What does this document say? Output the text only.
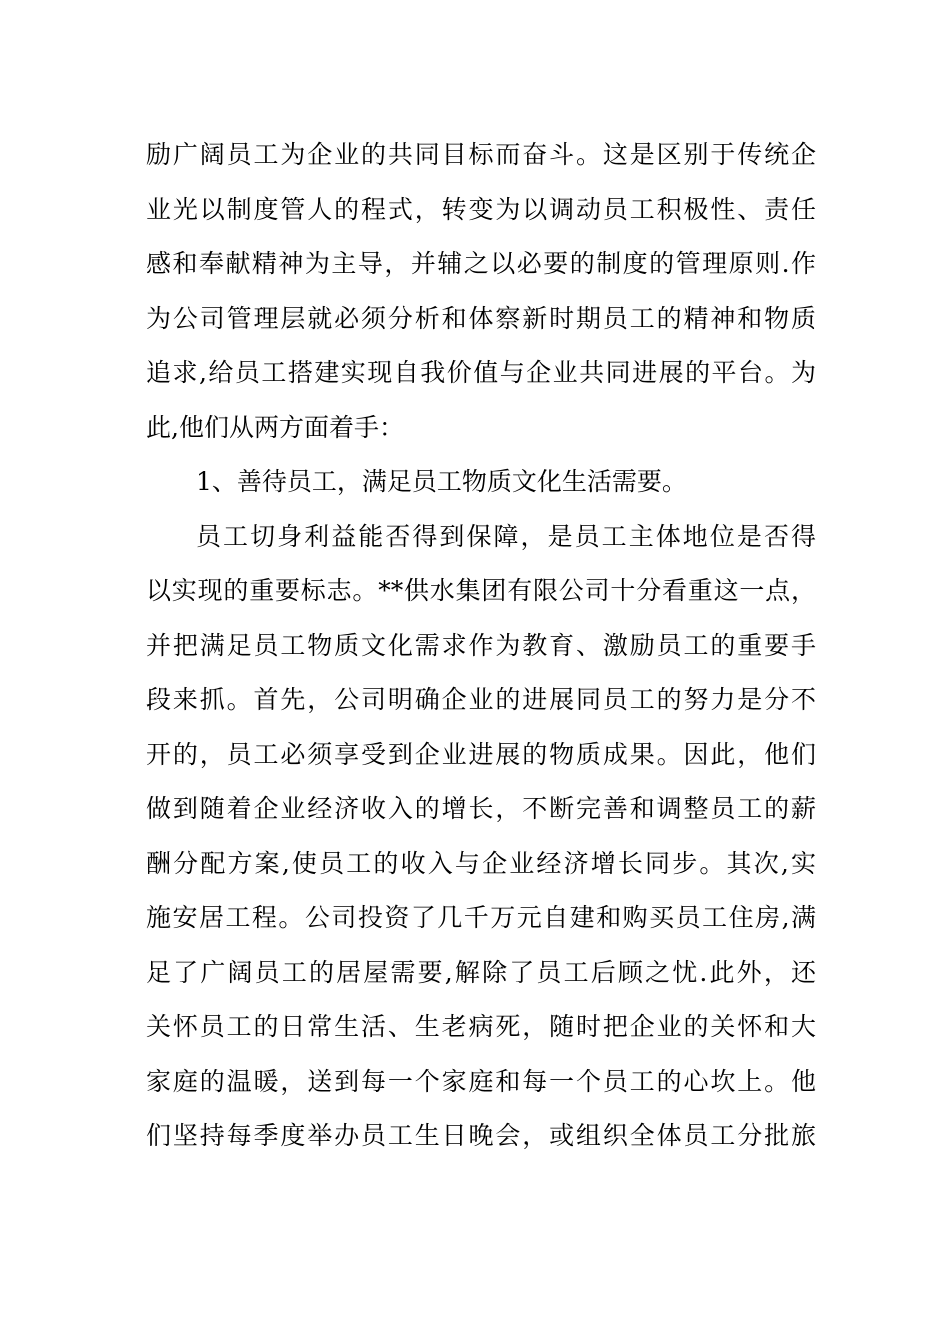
励广阔员工为企业的共同目标而奋斗。这是区别于传统企
业光以制度管人的程式，转变为以调动员工积极性、责任
感和奉献精神为主导，并辅之以必要的制度的管理原则.作
为公司管理层就必须分析和体察新时期员工的精神和物质
追求,给员工搭建实现自我价值与企业共同进展的平台。为
此,他们从两方面着手：
1、善待员工，满足员工物质文化生活需要。
员工切身利益能否得到保障，是员工主体地位是否得
以实现的重要标志。**供水集团有限公司十分看重这一点，
并把满足员工物质文化需求作为教育、激励员工的重要手
段来抓。首先，公司明确企业的进展同员工的努力是分不
开的，员工必须享受到企业进展的物质成果。因此，他们
做到随着企业经济收入的增长，不断完善和调整员工的薪
酬分配方案,使员工的收入与企业经济增长同步。其次,实
施安居工程。公司投资了几千万元自建和购买员工住房,满
足了广阔员工的居屋需要,解除了员工后顾之忧.此外，还
关怀员工的日常生活、生老病死，随时把企业的关怀和大
家庭的温暖，送到每一个家庭和每一个员工的心坎上。他
们坚持每季度举办员工生日晚会，或组织全体员工分批旅
